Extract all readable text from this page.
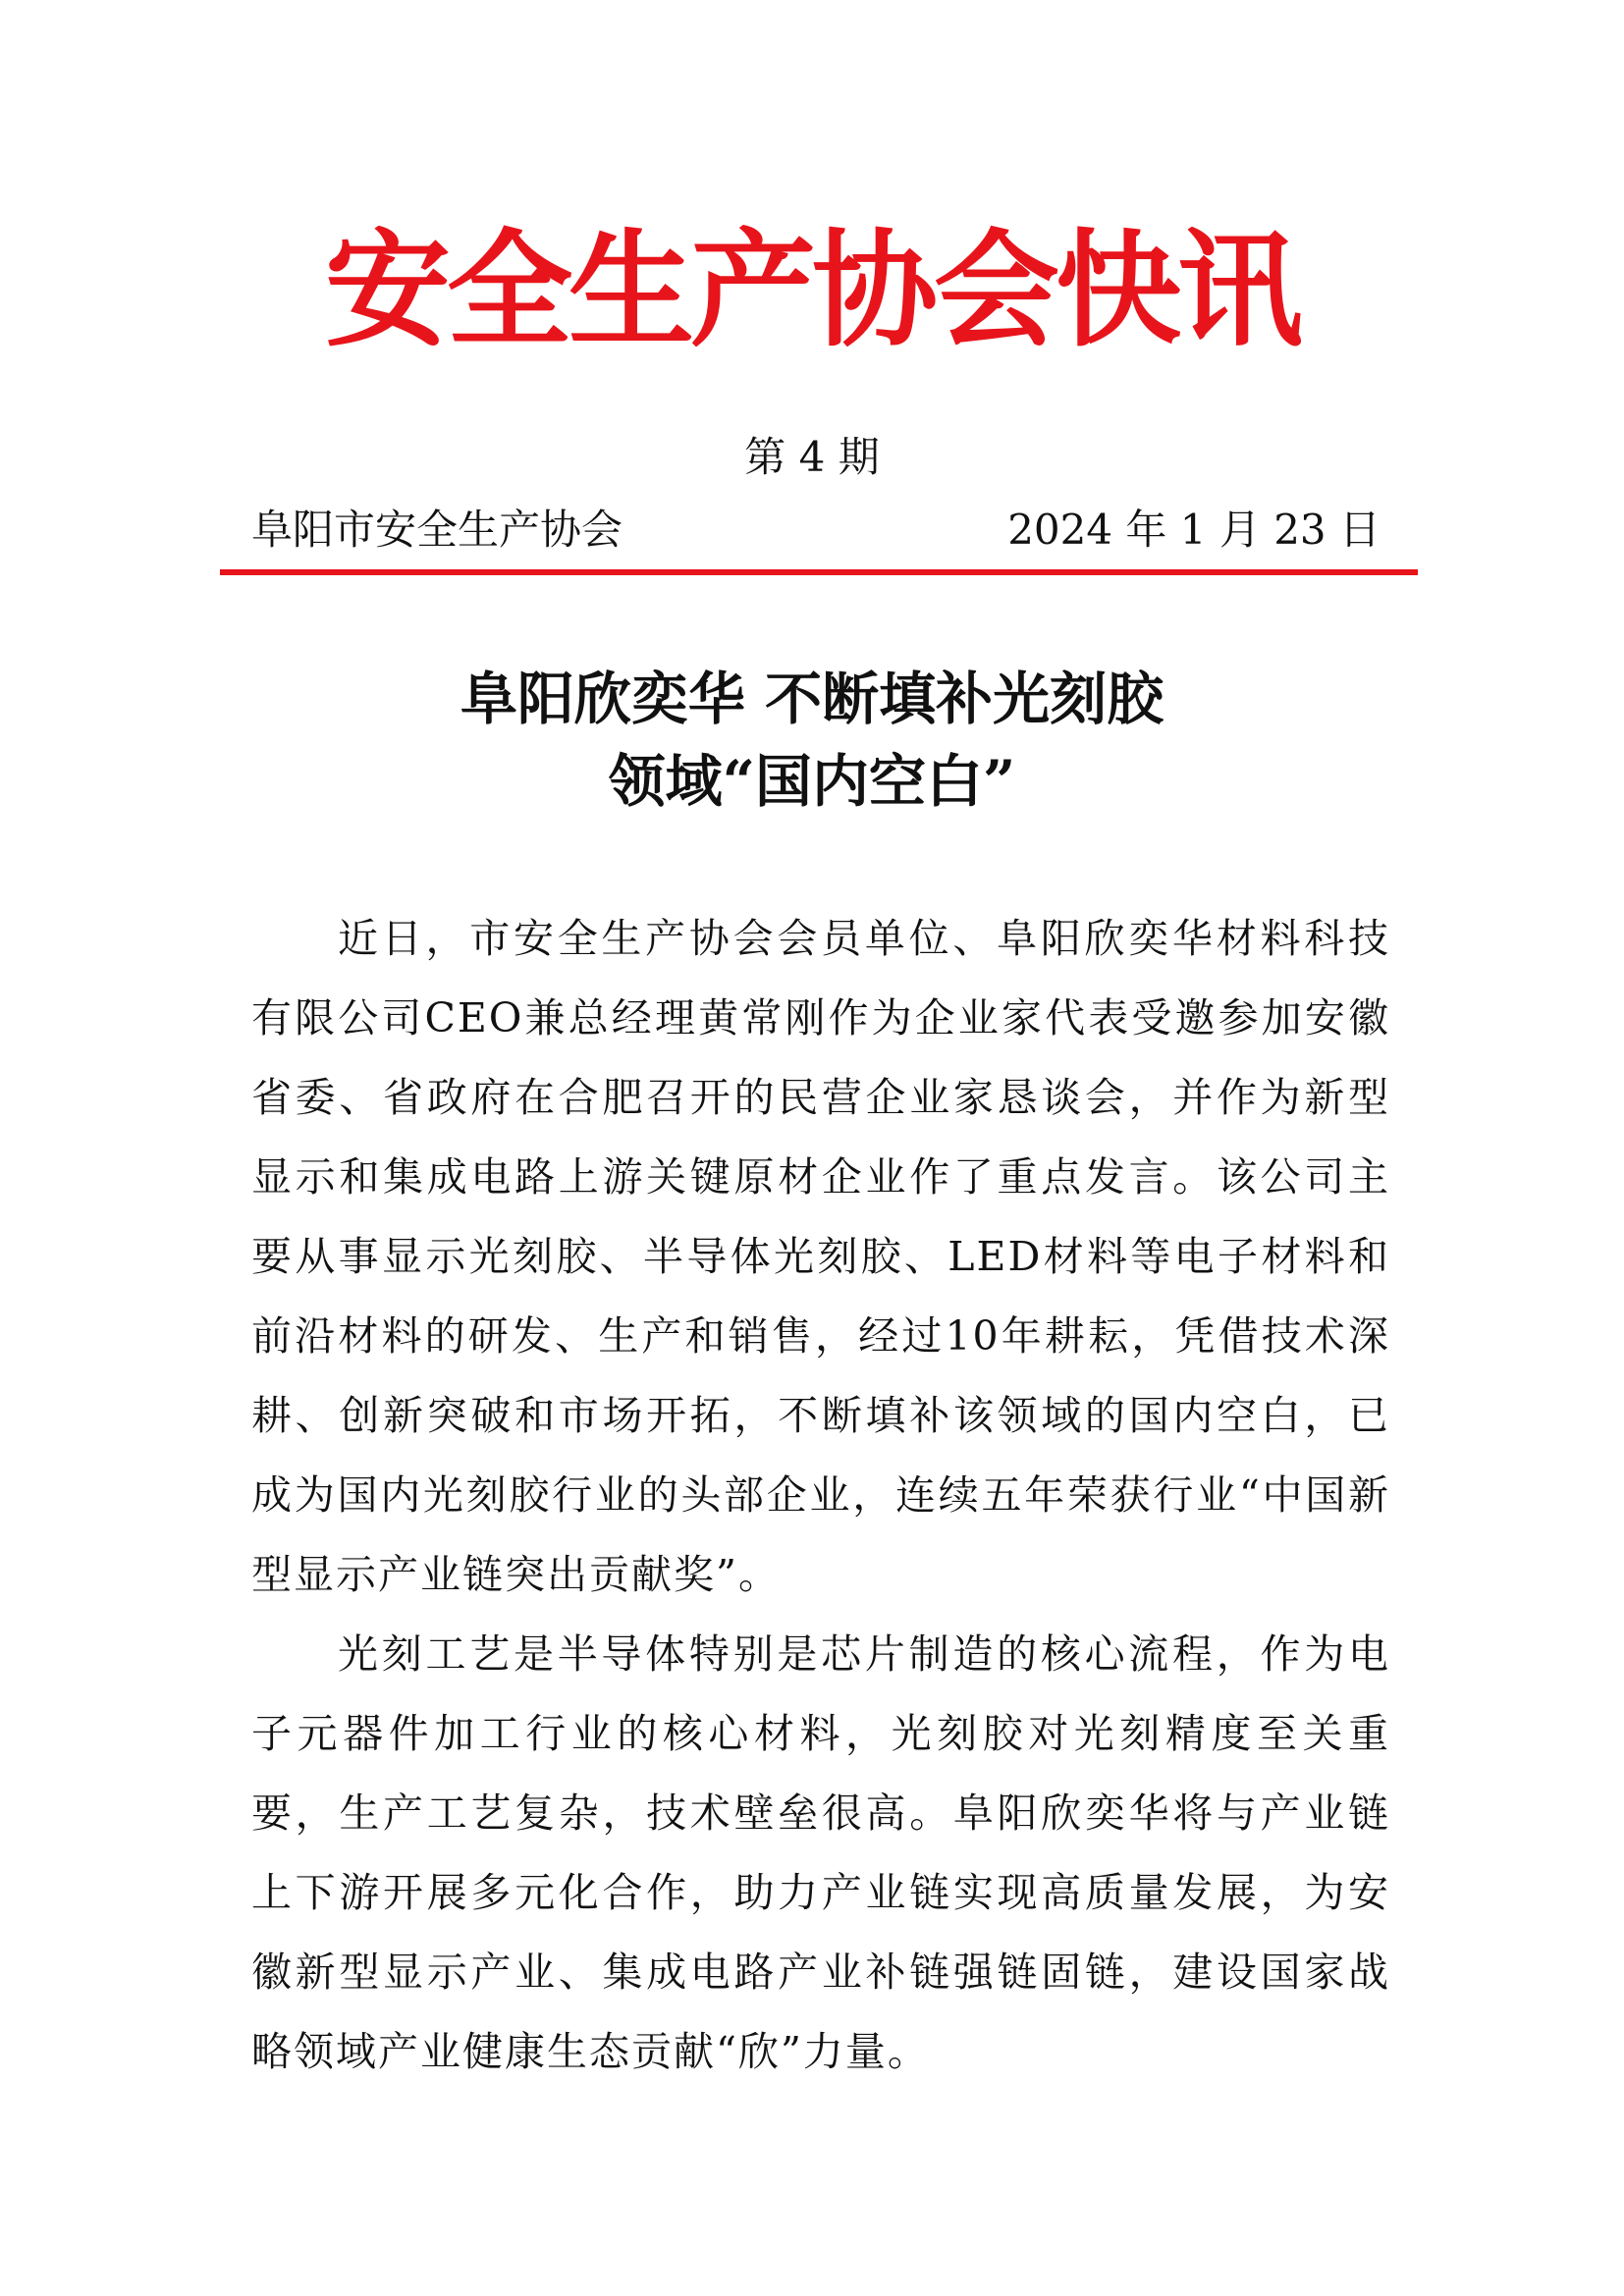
安全生产协会快讯
第 4 期
阜阳市安全生产协会	2024 年 1 月 23 日
阜阳欣奕华 不断填补光刻胶
领域“国内空白”

近日，市安全生产协会会员单位、阜阳欣奕华材料科技有限公司CEO兼总经理黄常刚作为企业家代表受邀参加安徽省委、省政府在合肥召开的民营企业家恳谈会，并作为新型显示和集成电路上游关键原材企业作了重点发言。该公司主要从事显示光刻胶、半导体光刻胶、LED材料等电子材料和前沿材料的研发、生产和销售，经过10年耕耘，凭借技术深耕、创新突破和市场开拓，不断填补该领域的国内空白，已成为国内光刻胶行业的头部企业，连续五年荣获行业“中国新型显示产业链突出贡献奖”。

光刻工艺是半导体特别是芯片制造的核心流程，作为电子元器件加工行业的核心材料，光刻胶对光刻精度至关重要，生产工艺复杂，技术壁垒很高。阜阳欣奕华将与产业链上下游开展多元化合作，助力产业链实现高质量发展，为安徽新型显示产业、集成电路产业补链强链固链，建设国家战略领域产业健康生态贡献“欣”力量。
